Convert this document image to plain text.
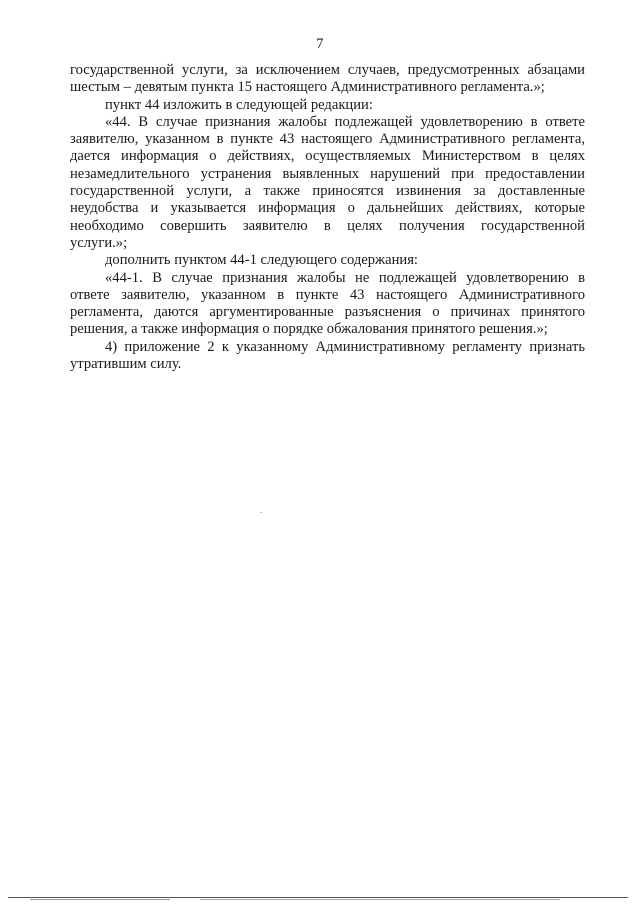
7
государственной услуги, за исключением случаев, предусмотренных абзацами
шестым – девятым пункта 15 настоящего Административного регламента.»;
пункт 44 изложить в следующей редакции:
«44. В случае признания жалобы подлежащей удовлетворению в ответе
заявителю, указанном в пункте 43 настоящего Административного регламента,
дается информация о действиях, осуществляемых Министерством в целях
незамедлительного устранения выявленных нарушений при предоставлении
государственной услуги, а также приносятся извинения за доставленные
неудобства и указывается информация о дальнейших действиях, которые
необходимо совершить заявителю в целях получения государственной
услуги.»;
дополнить пунктом 44-1 следующего содержания:
«44-1. В случае признания жалобы не подлежащей удовлетворению в
ответе заявителю, указанном в пункте 43 настоящего Административного
регламента, даются аргументированные разъяснения о причинах принятого
решения, а также информация о порядке обжалования принятого решения.»;
4) приложение 2 к указанному Административному регламенту признать
утратившим силу.
